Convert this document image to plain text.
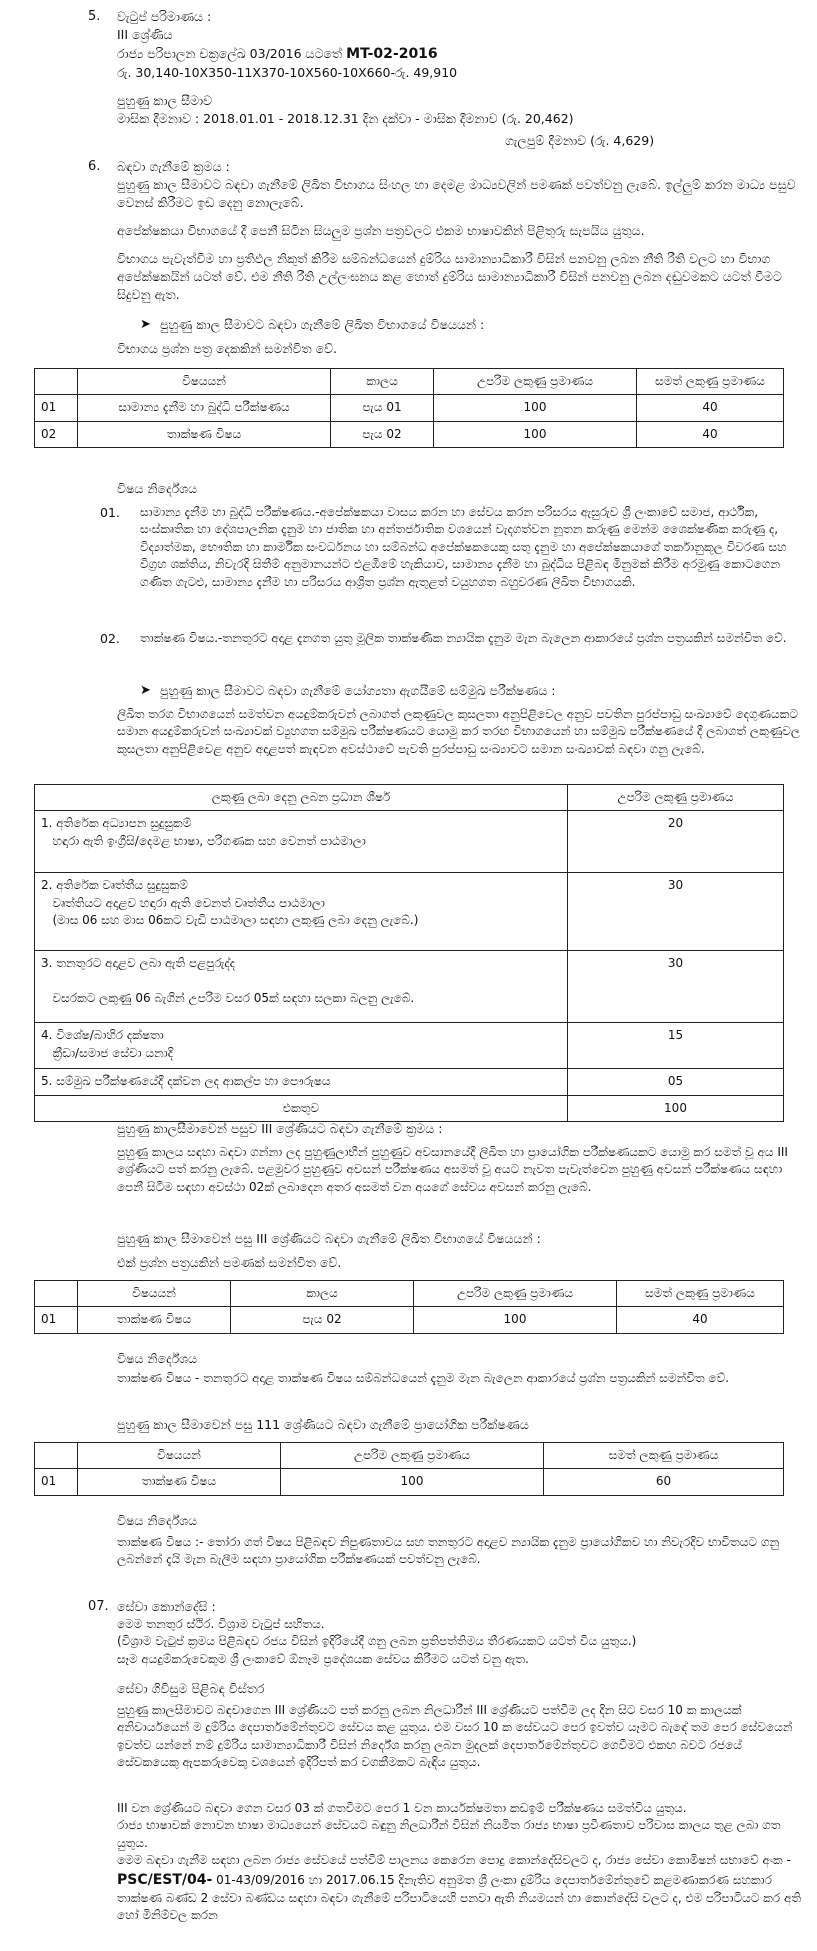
5. වැටුප් පරිමාණය :
III ශ්‍රේණිය
රාජ්‍ය පරිපාලන චක්‍රලේඛ 03/2016 යටතේ MT-02-2016
රු. 30,140-10X350-11X370-10X560-10X660-රු. 49,910
පුහුණු කාල සීමාව
මාසික දීමනාව : 2018.01.01 - 2018.12.31 දින දක්වා - මාසික දීමනාව (රු. 20,462)
ගැලපුම් දීමනාව (රු. 4,629)
6. බඳවා ගැනීමේ ක්‍රමය :
පුහුණු කාල සීමාවට බඳවා ගැනීමේ ලිඛිත විභාගය සිංහල හා දෙමළ මාධ්‍යවලින් පමණක් පවත්වනු ලැබේ. ඉල්ලුම් කරන මාධ්‍ය පසුව වෙනස් කිරීමට ඉඩ දෙනු නොලැබේ.
අපේක්ෂකයා විභාගයේ දී පෙනී සිටින සියලුම ප්‍රශ්න පත්‍රවලට එකම භාෂාවකින් පිළිතුරු සැපයිය යුතුය.
විභාගය පැවැත්වීම හා ප්‍රතිඵල නිකුත් කිරීම සම්බන්ධයෙන් දුම්රිය සාමාන්‍යාධිකාරී විසින් පනවනු ලබන නීති රීති වලට හා විභාග අපේක්ෂකයින් යටත් වේ. එම නීති රීති උල්ලංඝනය කළ හොත් දුම්රිය සාමාන්‍යාධිකාරී විසින් පනවනු ලබන දඬුවමකට යටත් වීමට සිදුවනු ඇත.
➤ පුහුණු කාල සීමාවට බඳවා ගැනීමේ ලිඛිත විභාගයේ විෂයයන් :
විභාගය ප්‍රශ්න පත්‍ර දෙකකින් සමන්විත වේ.
	විෂයයන්	කාලය	උපරිම ලකුණු ප්‍රමාණය	සමත් ලකුණු ප්‍රමාණය
01	සාමාන්‍ය දැනීම හා බුද්ධි පරීක්ෂණය	පැය 01	100	40
02	තාක්ෂණ විෂය	පැය 02	100	40
විෂය නිර්දේශය
01. සාමාන්‍ය දැනීම හා බුද්ධි පරීක්ෂණය.-අපේක්ෂකයා වාසය කරන හා සේවය කරන පරිසරය ඇසුරුව ශ්‍රී ලංකාවේ සමාජ, ආර්ථික, සංස්කෘතික හා දේශපාලනික දැනුම හා ජාතික හා අන්තර්ජාතික වශයෙන් වැදගත්වන නූතන කරුණු මෙන්ම ශෛක්ෂණික කරුණු ද, විද්‍යාත්මක, භෞතික හා කාර්මික සංවර්ධනය හා සම්බන්ධ අපේක්ෂකයෙකු සතු දැනුම හා අපේක්ෂකයාගේ තර්කානුකූල විවරණ සහ විග්‍රහ ශක්තිය, නිවැරදි සිතීම් අනුමානයන්ට එළඹීමේ හැකියාව, සාමාන්‍ය දැනීම හා බුද්ධිය පිළිබඳ මිනුමක් කිරීම අරමුණු කොටගෙන ගණිත ගැටළු, සාමාන්‍ය දැනීම හා පරිසරය ආශ්‍රිත ප්‍රශ්න ඇතුළත් වයුහගත බහුවරණ ලිඛිත විභාගයකි.
02. තාක්ෂණ විෂය.-තනතුරට අදාළ දැනගත යුතු මූලික තාක්ෂණික න්‍යායික දැනුම මැන බැලෙන ආකාරයේ ප්‍රශ්න පත්‍රයකින් සමන්විත වේ.
➤ පුහුණු කාල සීමාවට බඳවා ගැනීමේ යෝග්‍යතා ඇගයීමේ සම්මුඛ පරීක්ෂණය :
ලිඛිත තරග විභාගයෙන් සමත්වන අයදුම්කරුවන් ලබාගත් ලකුණුවල කුසලතා අනුපිළිවෙල අනුව පවතින පුරප්පාඩු සංඛ්‍යාවේ දෙගුණයකට සමාන අයදුම්කරුවන් සංඛ්‍යාවක් ව්‍යුහගත සම්මුඛ පරීක්ෂණයට යොමු කර තරඟ විභාගයෙන් හා සම්මුඛ පරීක්ෂණයේ දී ලබාගත් ලකුණුවල කුසලතා අනුපිළිවෙළ අනුව අදාළපත් කැඳවන අවස්ථාවේ පැවති පුරප්පාඩු සංඛ්‍යාවට සමාන සංඛ්‍යාවක් බඳවා ගනු ලැබේ.
ලකුණු ලබා දෙනු ලබන ප්‍රධාන ශීර්ෂ	උපරිම ලකුණු ප්‍රමාණය
1. අතිරේක අධ්‍යාපන සුදුසුකම්
හඳාරා ඇති ඉංග්‍රීසි/දෙමළ භාෂා, පරිගණක සහ වෙනත් පාඨමාලා	20
2. අතිරේක වෘත්තීය සුදුසුකම්
වෘත්තියට අදාළව හඳාරා ඇති වෙනත් වෘත්තීය පාඨමාලා
(මාස 06 සහ මාස 06කට වැඩි පාඨමාලා සඳහා ලකුණු ලබා දෙනු ලැබේ.)	30
3. තනතුරට අදාළව ලබා ඇති පළපුරුද්ද

වසරකට ලකුණු 06 බැගින් උපරිම වසර 05ක් සඳහා සලකා බලනු ලැබේ.	30
4. විශේෂ/බාහිර දක්ෂතා
ක්‍රීඩා/සමාජ සේවා යනාදි	15
5. සම්මුඛ පරීක්ෂණයේදී දක්වන ලද ආකල්ප හා පෞරුෂය	05
එකතුව	100
පුහුණු කාලසීමාවෙන් පසුව III ශ්‍රේණියට බඳවා ගැනීමේ ක්‍රමය :
පුහුණු කාලය සඳහා බඳවා ගන්නා ලද පුහුණුලාභීන් පුහුණුව අවසානයේදී ලිඛිත හා ප්‍රායෝගික පරීක්ෂණයකට යොමු කර සමත් වූ අය III ශ්‍රේණියට පත් කරනු ලැබේ. පළමුවර පුහුණුව අවසන් පරීක්ෂණය අසමත් වූ අයට නැවත පැවැත්වෙන පුහුණු අවසන් පරීක්ෂණය සඳහා පෙනී සිටීම සඳහා අවස්ථා 02ක් ලබාදෙන අතර අසමත් වන අයගේ සේවය අවසන් කරනු ලැබේ.
පුහුණු කාල සීමාවෙන් පසු III ශ්‍රේණියට බඳවා ගැනීමේ ලිඛිත විභාගයේ විෂයයන් :
එක් ප්‍රශ්න පත්‍රයකින් පමණක් සමන්විත වේ.
	විෂයයන්	කාලය	උපරිම ලකුණු ප්‍රමාණය	සමත් ලකුණු ප්‍රමාණය
01	තාක්ෂණ විෂය	පැය 02	100	40
විෂය නිර්දේශය
තාක්ෂණ විෂය - තනතුරට අදාළ තාක්ෂණ විෂය සම්බන්ධයෙන් දැනුම මැන බැලෙන ආකාරයේ ප්‍රශ්න පත්‍රයකින් සමන්විත වේ.
පුහුණු කාල සීමාවෙන් පසු 111 ශ්‍රේණියට බඳවා ගැනීමේ ප්‍රායෝගික පරීක්ෂණය
	විෂයයන්	උපරිම ලකුණු ප්‍රමාණය	සමත් ලකුණු ප්‍රමාණය
01	තාක්ෂණ විෂය	100	60
විෂය නිර්දේශය
තාක්ෂණ විෂය :- තෝරා ගත් විෂය පිළිබඳව නිපුණතාවය සහ තනතුරට අදාළව න්‍යායික දැනුම ප්‍රායෝගිකව හා නිවැරදිව භාවිතයට ගනු ලබන්නේ දැයි මැන බැලීම සඳහා ප්‍රායෝගික පරීක්ෂණයක් පවත්වනු ලැබේ.
07. සේවා කොන්දේසි :
මෙම තනතුර ස්ථිර. විශ්‍රාම වැටුප් සහිතය.
(විශ්‍රාම වැටුප් ක්‍රමය පිළිබඳව රජය විසින් ඉදිරියේදී ගනු ලබන ප්‍රතිපත්තිමය තීරණයකට යටත් විය යුතුය.)
සෑම අයදුම්කරුවෙකුම ශ්‍රී ලංකාවේ ඕනෑම ප්‍රදේශයක සේවය කිරීමට යටත් වනු ඇත.
සේවා ගිවිසුම පිළිබඳ විස්තර
පුහුණු කාලසීමාවට බඳවාගෙන III ශ්‍රේණියට පත් කරනු ලබන නිලධාරීන් III ශ්‍රේණියට පත්වීම ලද දින සිට වසර 10 ක කාලයක් අනිවාර්යයෙන් ම දුම්රිය දෙපාර්තමේන්තුවට සේවය කළ යුතුය. එම වසර 10 ක සේවයට පෙර ඉවත්ව යෑමට බැඳේ තම පෙර සේවයෙන් ඉවත්ව යන්නේ නම් දුම්රිය සාමාන්‍යාධිකාරී විසින් නිර්දේශ කරනු ලබන මුදලක් දෙපාර්තමේන්තුවට ගෙවීමට එකඟ බවට රජයේ සේවකයෙකු ඇපකරුවෙකු වශයෙන් ඉදිරිපත් කර වගකීමකට බැඳිය යුතුය.
III වන ශ්‍රේණියට බඳවා ගෙන වසර 03 ක් ගතවීමට පෙර 1 වන කාර්යක්ෂමතා කඩඉම් පරීක්ෂණය සමත්විය යුතුය.
රාජ්‍ය භාෂාවක් නොවන භාෂා මාධ්‍යයෙන් සේවයට බඳුනු නිලධාරීන් විසින් නියමිත රාජ්‍ය භාෂා ප්‍රවීණතාව පරිවාස කාලය තුළ ලබා ගත යුතුය.
මෙම බඳවා ගැනීම සඳහා ලබන රාජ්‍ය සේවයේ පත්වීම් පාලනය කෙරෙන පොදු කොන්දේසිවලට ද, රාජ්‍ය සේවා කොමිෂන් සභාවේ අංක - PSC/EST/04- 01-43/09/2016 හා 2017.06.15 දිනැතිව අනුමත ශ්‍රී ලංකා දුම්රිය දෙපාර්තමේන්තුවේ කළමණාකරණ සහකාර තාක්ෂණ බණ්ඩ 2 සේවා බණ්ඩය සඳහා බඳවා ගැනීමේ පරිපාටියෙහි පනවා ඇති නියමයන් හා කොන්දේසි වලට ද, එම පරිපාටියට කර අති හෝ මිනිම්වල කරන
